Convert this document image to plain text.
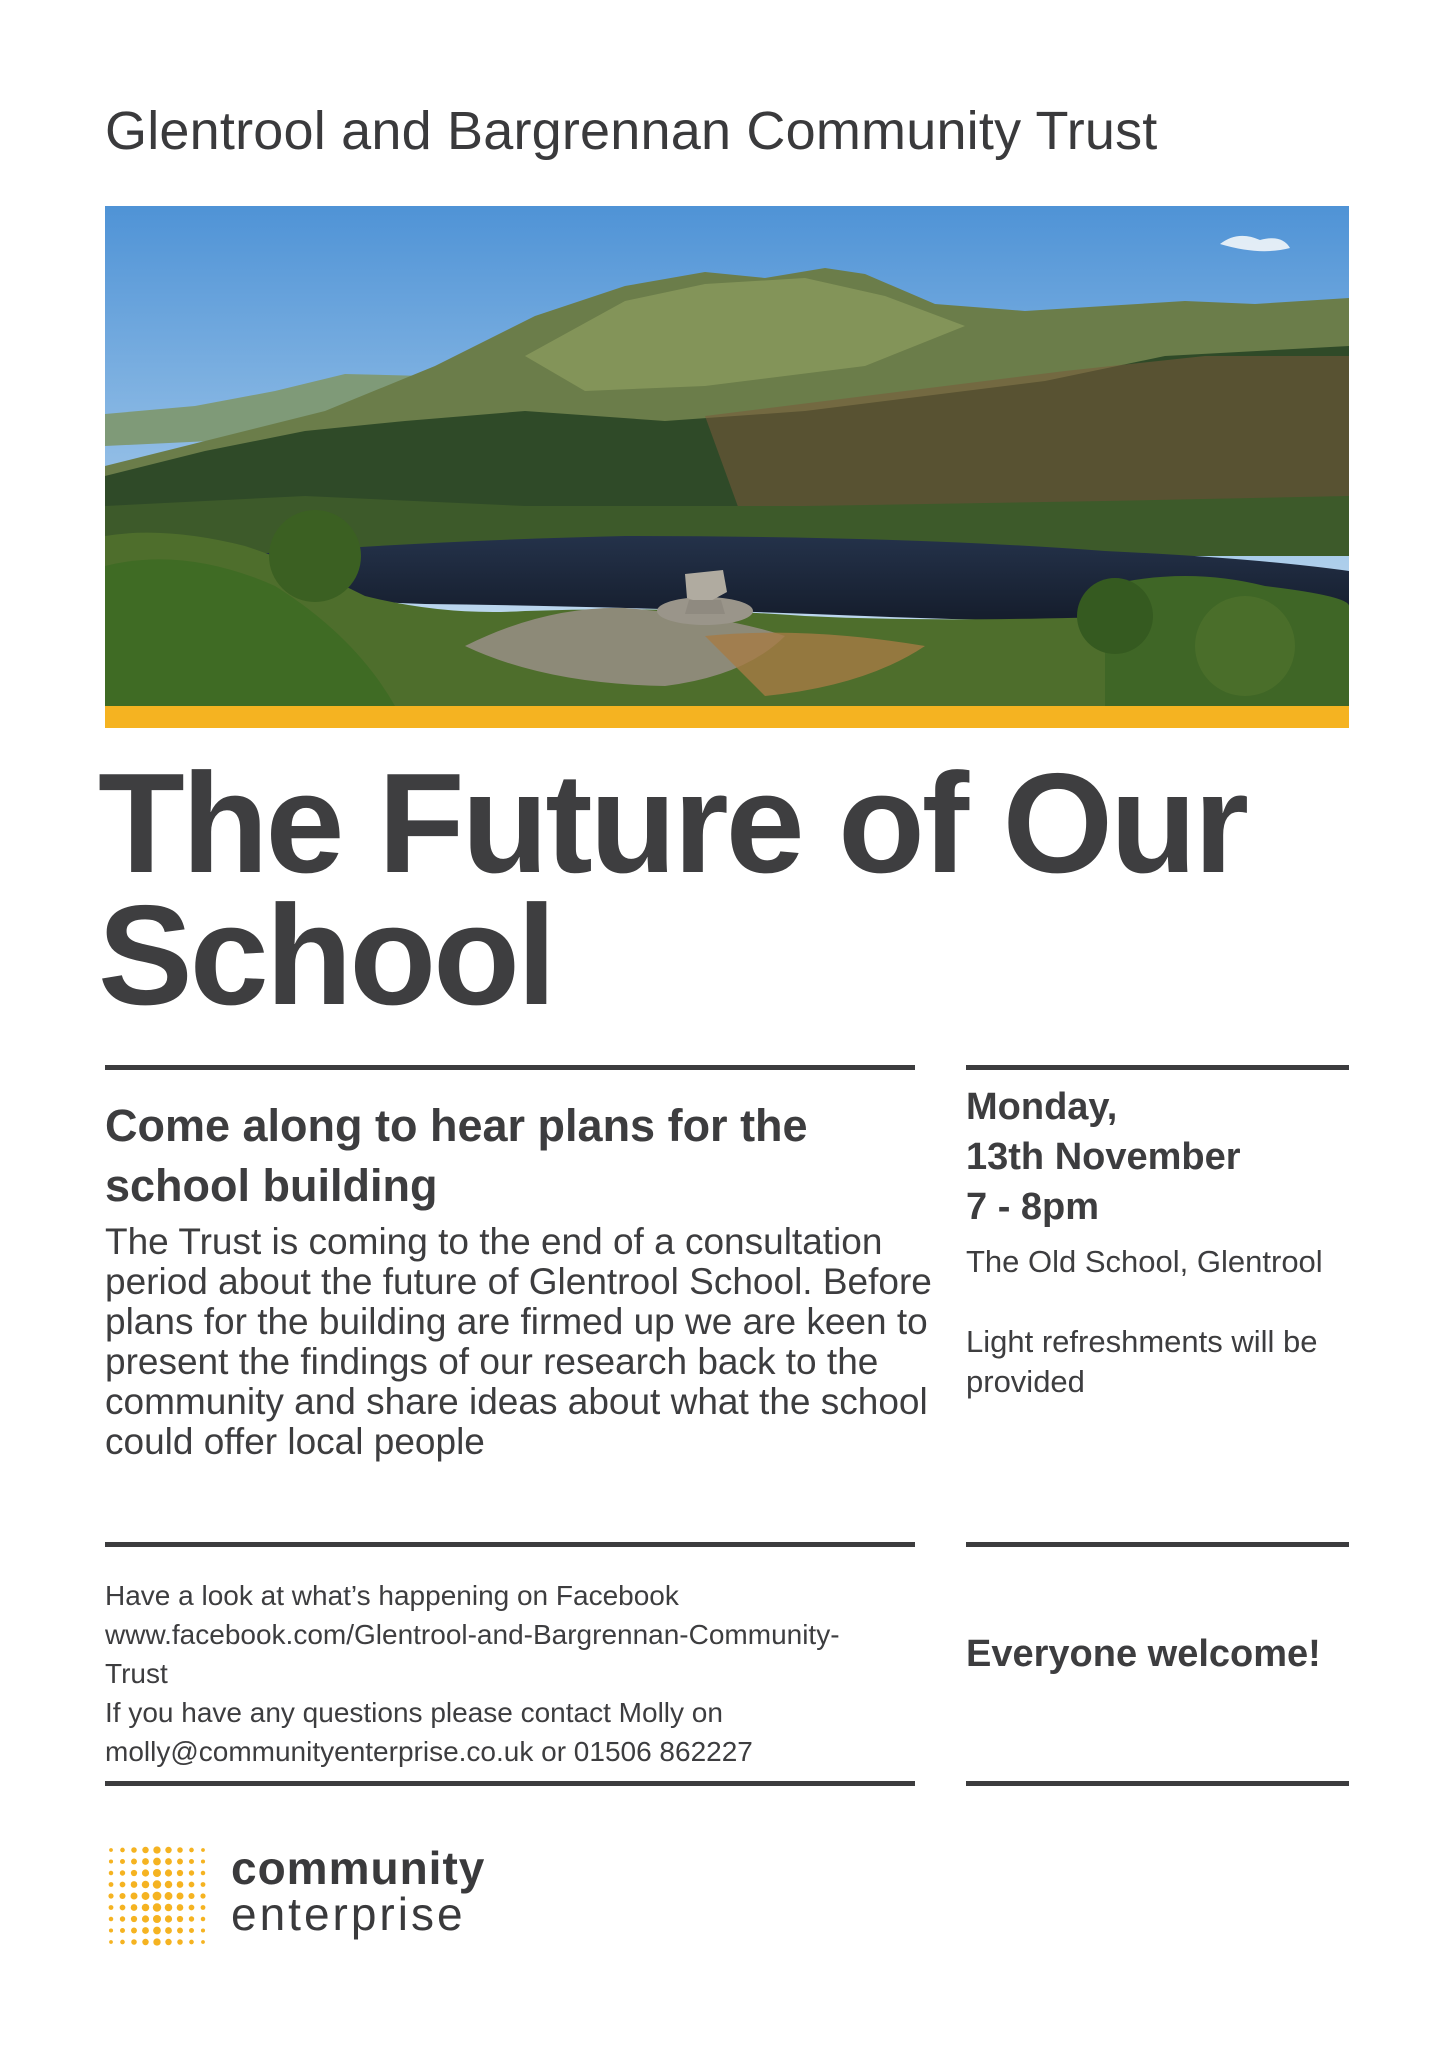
Glentrool and Bargrennan Community Trust
The Future of Our School
Come along to hear plans for the school building
The Trust is coming to the end of a consultation period about the future of Glentrool School. Before plans for the building are firmed up we are keen to present the findings of our research back to the community and share ideas about what the school could offer local people
Monday,
13th November
7 - 8pm
The Old School, Glentrool
Light refreshments will be provided
Have a look at what’s happening on Facebook
www.facebook.com/Glentrool-and-Bargrennan-Community-
Trust
If you have any questions please contact Molly on
molly@communityenterprise.co.uk or 01506 862227
Everyone welcome!
community
enterprise
